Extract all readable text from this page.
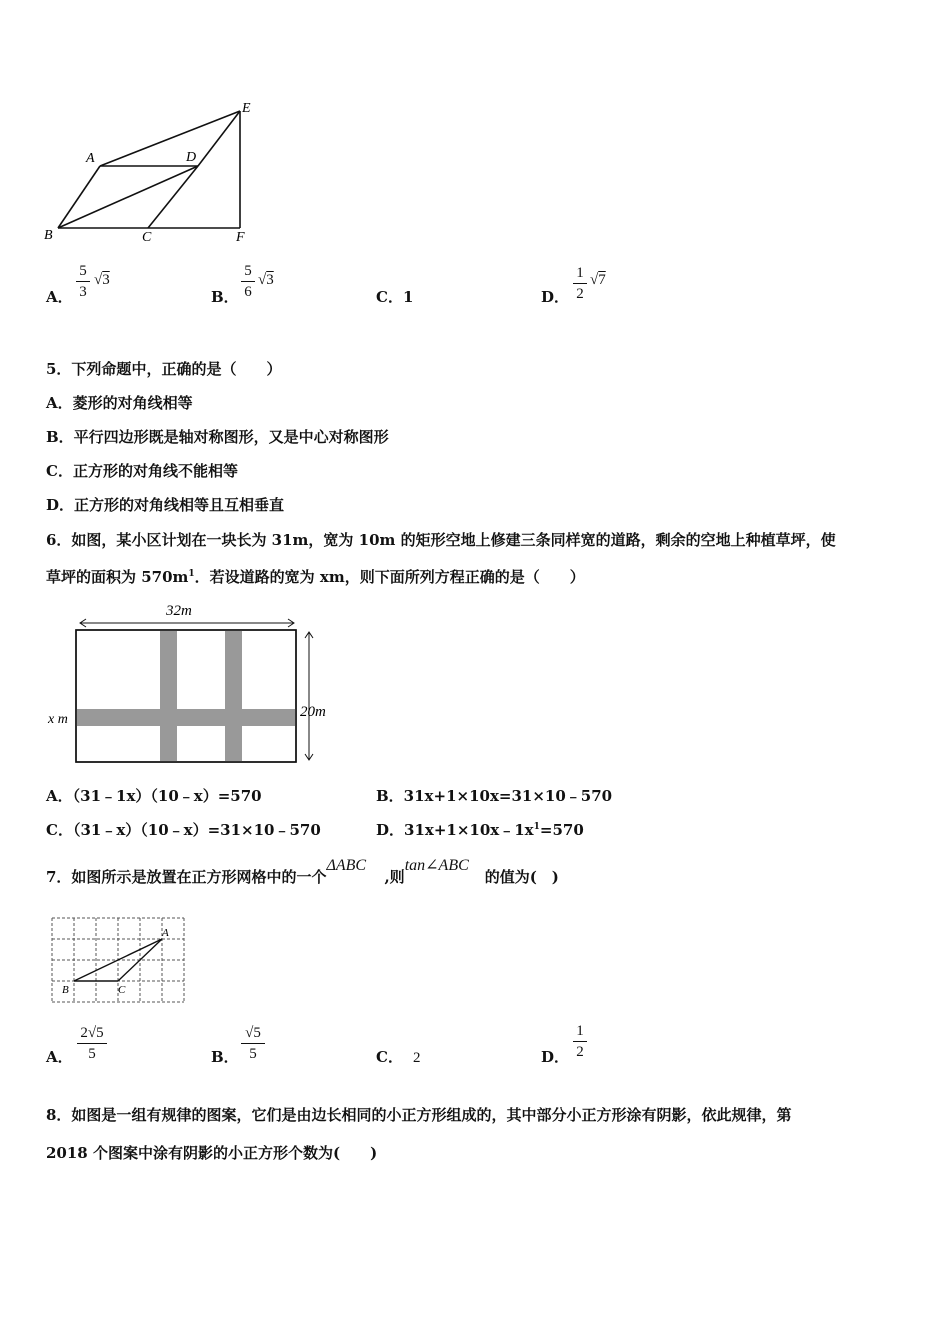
A	D
E
B	C	F
A．
5
3
√3
B．
5
6
√3
C．1	D．
1
2
√7
5．下列命题中，正确的是（　　）
A．菱形的对角线相等
B．平行四边形既是轴对称图形，又是中心对称图形
C．正方形的对角线不能相等
D．正方形的对角线相等且互相垂直
6．如图，某小区计划在一块长为 31m，宽为 10m 的矩形空地上修建三条同样宽的道路，剩余的空地上种植草坪，使
草坪的面积为 $570m^1$．若设道路的宽为 xm，则下面所列方程正确的是（　　）
32m
20m
x m
A．（31﹣1x）（10﹣x）=570	B．31x+1×10x=31×10﹣570
C．（31﹣x）（10﹣x）=31×10﹣570	D．$31x+1\times 10x﹣1x^1=570$
7．如图所示是放置在正方形网格中的一个ΔABC,则tan∠ABC的值为(　)
A
B	C
A．
2√5
5	B．
√5
5	C． 2	D．
1
2
8．如图是一组有规律的图案，它们是由边长相同的小正方形组成的，其中部分小正方形涂有阴影，依此规律，第
2018 个图案中涂有阴影的小正方形个数为(　　)
